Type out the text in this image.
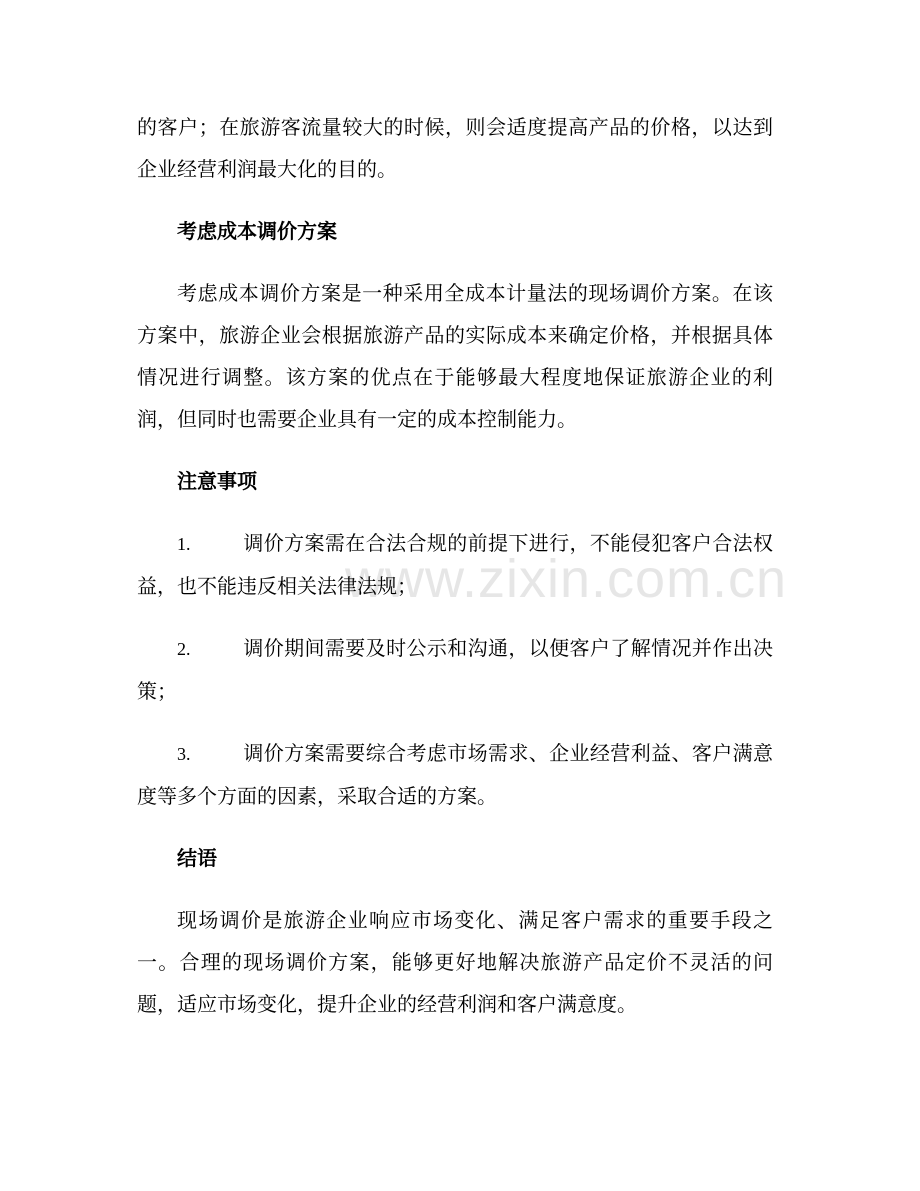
www.zixin.com.cn

的客户；在旅游客流量较大的时候，则会适度提高产品的价格，以达到企业经营利润最大化的目的。

考虑成本调价方案

考虑成本调价方案是一种采用全成本计量法的现场调价方案。在该方案中，旅游企业会根据旅游产品的实际成本来确定价格，并根据具体情况进行调整。该方案的优点在于能够最大程度地保证旅游企业的利润，但同时也需要企业具有一定的成本控制能力。

注意事项

1.	调价方案需在合法合规的前提下进行，不能侵犯客户合法权益，也不能违反相关法律法规；

2.	调价期间需要及时公示和沟通，以便客户了解情况并作出决策；

3.	调价方案需要综合考虑市场需求、企业经营利益、客户满意度等多个方面的因素，采取合适的方案。

结语

现场调价是旅游企业响应市场变化、满足客户需求的重要手段之一。合理的现场调价方案，能够更好地解决旅游产品定价不灵活的问题，适应市场变化，提升企业的经营利润和客户满意度。
